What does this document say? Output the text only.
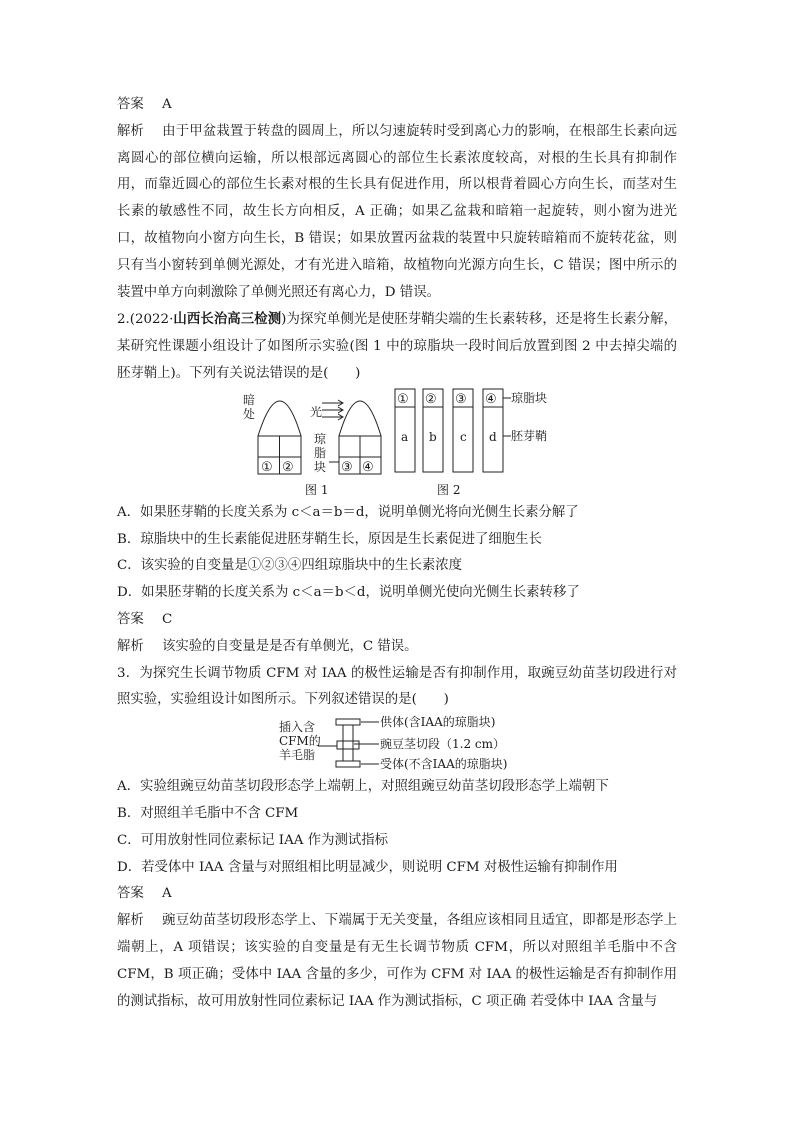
答案 A

解析 由于甲盆栽置于转盘的圆周上，所以匀速旋转时受到离心力的影响，在根部生长素向远离圆心的部位横向运输，所以根部远离圆心的部位生长素浓度较高，对根的生长具有抑制作用，而靠近圆心的部位生长素对根的生长具有促进作用，所以根背着圆心方向生长，而茎对生长素的敏感性不同，故生长方向相反，A 正确；如果乙盆栽和暗箱一起旋转，则小窗为进光口，故植物向小窗方向生长，B 错误；如果放置丙盆栽的装置中只旋转暗箱而不旋转花盆，则只有当小窗转到单侧光源处，才有光进入暗箱，故植物向光源方向生长，C 错误；图中所示的装置中单方向刺激除了单侧光照还有离心力，D 错误。

2.(2022·山西长治高三检测)为探究单侧光是使胚芽鞘尖端的生长素转移，还是将生长素分解，某研究性课题小组设计了如图所示实验(图 1 中的琼脂块一段时间后放置到图 2 中去掉尖端的胚芽鞘上)。下列有关说法错误的是(　　)

暗
处
① ②
光
琼
脂
块 ③ ④
图 1
① ② ③ ④
a b c d
琼脂块
胚芽鞘
图 2

A．如果胚芽鞘的长度关系为 c＜a＝b＝d，说明单侧光将向光侧生长素分解了

B．琼脂块中的生长素能促进胚芽鞘生长，原因是生长素促进了细胞生长

C．该实验的自变量是①②③④四组琼脂块中的生长素浓度

D．如果胚芽鞘的长度关系为 c＜a＝b＜d，说明单侧光使向光侧生长素转移了

答案 C

解析 该实验的自变量是是否有单侧光，C 错误。

3．为探究生长调节物质 CFM 对 IAA 的极性运输是否有抑制作用，取豌豆幼苗茎切段进行对照实验，实验组设计如图所示。下列叙述错误的是(　　)

插入含
CFM的
羊毛脂
供体(含IAA的琼脂块)
豌豆茎切段（1.2 cm）
受体(不含IAA的琼脂块)

A．实验组豌豆幼苗茎切段形态学上端朝上，对照组豌豆幼苗茎切段形态学上端朝下

B．对照组羊毛脂中不含 CFM

C．可用放射性同位素标记 IAA 作为测试指标

D．若受体中 IAA 含量与对照组相比明显减少，则说明 CFM 对极性运输有抑制作用

答案 A

解析 豌豆幼苗茎切段形态学上、下端属于无关变量，各组应该相同且适宜，即都是形态学上端朝上，A 项错误；该实验的自变量是有无生长调节物质 CFM，所以对照组羊毛脂中不含 CFM，B 项正确；受体中 IAA 含量的多少，可作为 CFM 对 IAA 的极性运输是否有抑制作用的测试指标，故可用放射性同位素标记 IAA 作为测试指标，C 项正确 若受体中 IAA 含量与
